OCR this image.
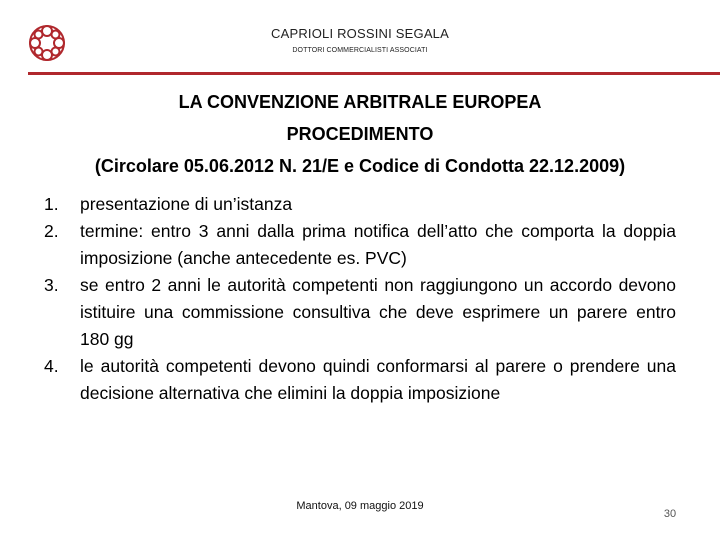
CAPRIOLI ROSSINI SEGALA
DOTTORI COMMERCIALISTI ASSOCIATI
LA CONVENZIONE ARBITRALE EUROPEA
PROCEDIMENTO
(Circolare 05.06.2012 N. 21/E e Codice di Condotta 22.12.2009)
1. presentazione di un’istanza
2. termine: entro 3 anni dalla prima notifica dell’atto che comporta la doppia imposizione (anche antecedente es. PVC)
3. se entro 2 anni le autorità competenti non raggiungono un accordo devono istituire una commissione consultiva che deve esprimere un parere entro 180 gg
4. le autorità competenti devono quindi conformarsi al parere o prendere una decisione alternativa che elimini la doppia imposizione
Mantova, 09 maggio 2019
30
